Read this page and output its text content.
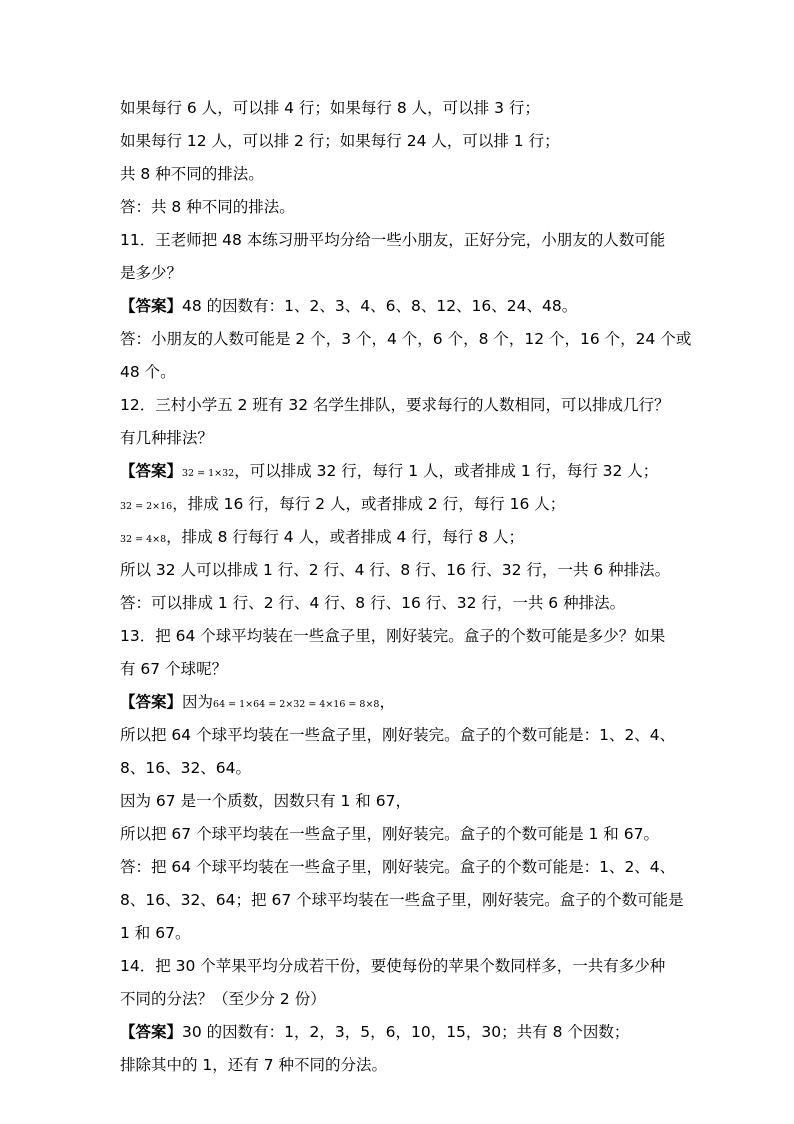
如果每行 6 人，可以排 4 行；如果每行 8 人，可以排 3 行；
如果每行 12 人，可以排 2 行；如果每行 24 人，可以排 1 行；
共 8 种不同的排法。
答：共 8 种不同的排法。
11．王老师把 48 本练习册平均分给一些小朋友，正好分完，小朋友的人数可能
是多少？
【答案】48 的因数有：1、2、3、4、6、8、12、16、24、48。
答：小朋友的人数可能是 2 个，3 个，4 个，6 个，8 个，12 个，16 个，24 个或
48 个。
12．三村小学五 2 班有 32 名学生排队，要求每行的人数相同，可以排成几行？
有几种排法？
【答案】32 = 1×32，可以排成 32 行，每行 1 人，或者排成 1 行，每行 32 人；
32 = 2×16，排成 16 行，每行 2 人，或者排成 2 行，每行 16 人；
32 = 4×8，排成 8 行每行 4 人，或者排成 4 行，每行 8 人；
所以 32 人可以排成 1 行、2 行、4 行、8 行、16 行、32 行，一共 6 种排法。
答：可以排成 1 行、2 行、4 行、8 行、16 行、32 行，一共 6 种排法。
13．把 64 个球平均装在一些盒子里，刚好装完。盒子的个数可能是多少？如果
有 67 个球呢？
【答案】因为64 = 1×64 = 2×32 = 4×16 = 8×8，
所以把 64 个球平均装在一些盒子里，刚好装完。盒子的个数可能是：1、2、4、
8、16、32、64。
因为 67 是一个质数，因数只有 1 和 67，
所以把 67 个球平均装在一些盒子里，刚好装完。盒子的个数可能是 1 和 67。
答：把 64 个球平均装在一些盒子里，刚好装完。盒子的个数可能是：1、2、4、
8、16、32、64；把 67 个球平均装在一些盒子里，刚好装完。盒子的个数可能是
1 和 67。
14．把 30 个苹果平均分成若干份，要使每份的苹果个数同样多，一共有多少种
不同的分法？（至少分 2 份）
【答案】30 的因数有：1，2，3，5，6，10，15，30；共有 8 个因数；
排除其中的 1，还有 7 种不同的分法。
